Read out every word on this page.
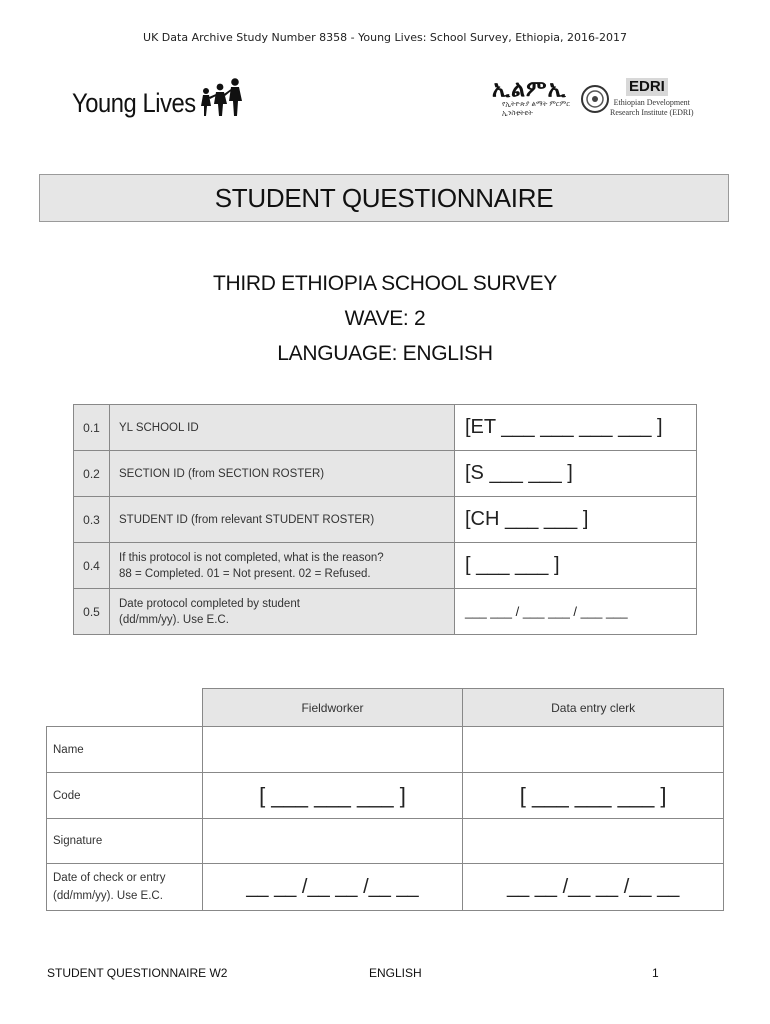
UK Data Archive Study Number 8358 - Young Lives: School Survey, Ethiopia, 2016-2017
Young Lives	ኢልምኢ
የኢትዮጵያ ልማት ምርምር ኢንስቲትዩት
EDRI
Ethiopian Development
Research Institute (EDRI)
STUDENT QUESTIONNAIRE
THIRD ETHIOPIA SCHOOL SURVEY
WAVE: 2
LANGUAGE: ENGLISH
0.1	YL SCHOOL ID	[ET ___ ___ ___ ___ ]
0.2	SECTION ID (from SECTION ROSTER)	[S ___ ___ ]
0.3	STUDENT ID (from relevant STUDENT ROSTER)	[CH ___ ___ ]
0.4	If this protocol is not completed, what is the reason?
88 = Completed. 01 = Not present. 02 = Refused.	[ ___ ___ ]
0.5	Date protocol completed by student
(dd/mm/yy). Use E.C.	___ ___ / ___ ___ / ___ ___
	Fieldworker	Data entry clerk
Name		
Code	[ ___ ___ ___ ]	[ ___ ___ ___ ]
Signature		

Date of check or entry
(dd/mm/yy). Use E.C.	__ __ /__ __ /__ __	__ __ /__ __ /__ __
STUDENT QUESTIONNAIRE W2	ENGLISH	1
